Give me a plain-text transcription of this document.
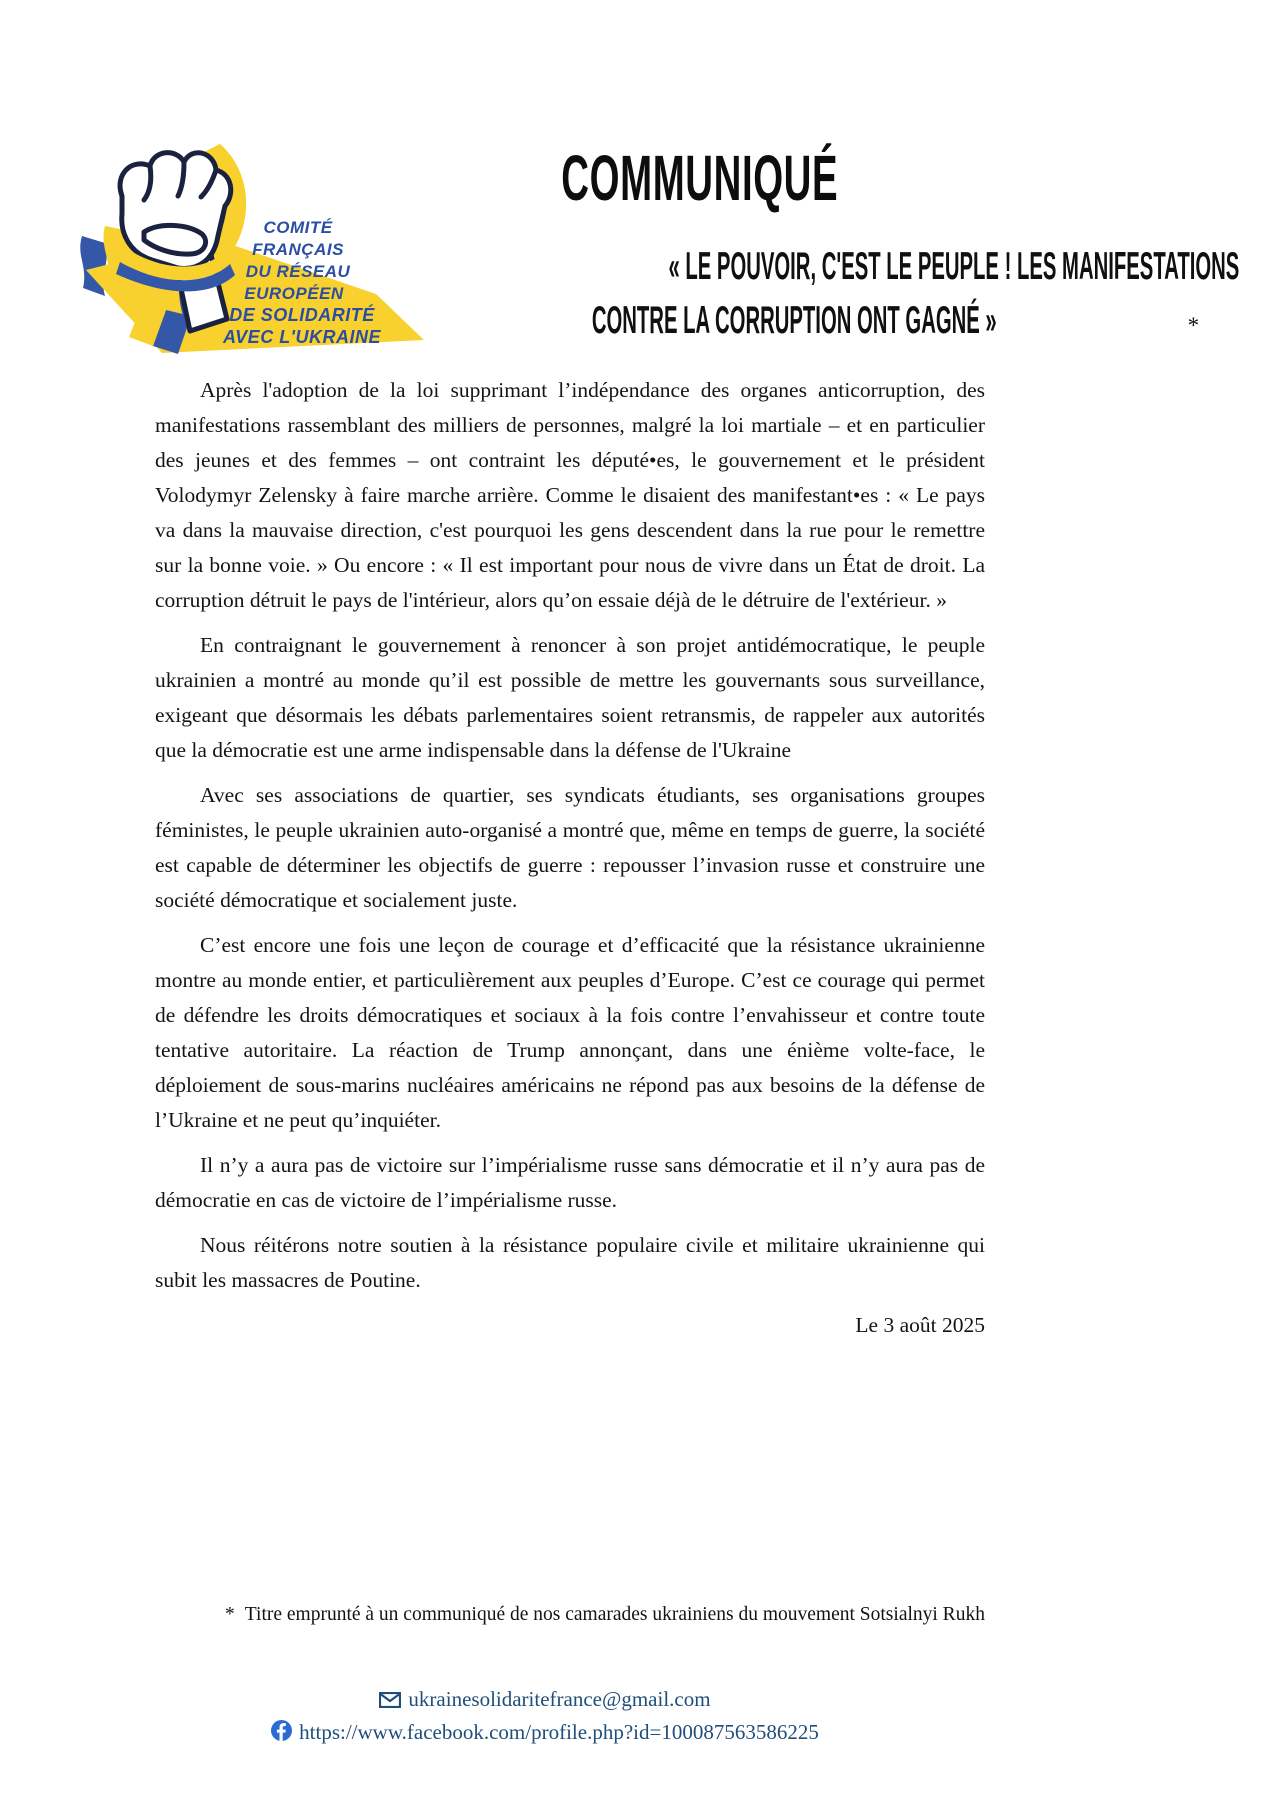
COMITÉ
FRANÇAIS
DU RÉSEAU
EUROPÉEN
DE SOLIDARITÉ
AVEC L'UKRAINE
COMMUNIQUÉ
« LE POUVOIR, C'EST LE PEUPLE ! LES MANIFESTATIONS
CONTRE LA CORRUPTION ONT GAGNÉ »	*

Après l'adoption de la loi supprimant l’indépendance des organes anticorruption, des manifestations rassemblant des milliers de personnes, malgré la loi martiale – et en particulier des jeunes et des femmes – ont contraint les député•es, le gouvernement et le président Volodymyr Zelensky à faire marche arrière. Comme le disaient des manifestant•es : « Le pays va dans la mauvaise direction, c'est pourquoi les gens descendent dans la rue pour le remettre sur la bonne voie. » Ou encore : « Il est important pour nous de vivre dans un État de droit. La corruption détruit le pays de l'intérieur, alors qu’on essaie déjà de le détruire de l'extérieur. »

En contraignant le gouvernement à renoncer à son projet antidémocratique, le peuple ukrainien a montré au monde qu’il est possible de mettre les gouvernants sous surveillance, exigeant que désormais les débats parlementaires soient retransmis, de rappeler aux autorités que la démocratie est une arme indispensable dans la défense de l'Ukraine

Avec ses associations de quartier, ses syndicats étudiants, ses organisations groupes féministes, le peuple ukrainien auto-organisé a montré que, même en temps de guerre, la société est capable de déterminer les objectifs de guerre : repousser l’invasion russe et construire une société démocratique et socialement juste.

C’est encore une fois une leçon de courage et d’efficacité que la résistance ukrainienne montre au monde entier, et particulièrement aux peuples d’Europe. C’est ce courage qui permet de défendre les droits démocratiques et sociaux à la fois contre l’envahisseur et contre toute tentative autoritaire. La réaction de Trump annonçant, dans une énième volte-face, le déploiement de sous-marins nucléaires américains ne répond pas aux besoins de la défense de l’Ukraine et ne peut qu’inquiéter.

Il n’y a aura pas de victoire sur l’impérialisme russe sans démocratie et il n’y aura pas de démocratie en cas de victoire de l’impérialisme russe.

Nous réitérons notre soutien à la résistance populaire civile et militaire ukrainienne qui subit les massacres de Poutine.

Le 3 août 2025

* Titre emprunté à un communiqué de nos camarades ukrainiens du mouvement Sotsialnyi Rukh
ukrainesolidaritefrance@gmail.com
https://www.facebook.com/profile.php?id=100087563586225
